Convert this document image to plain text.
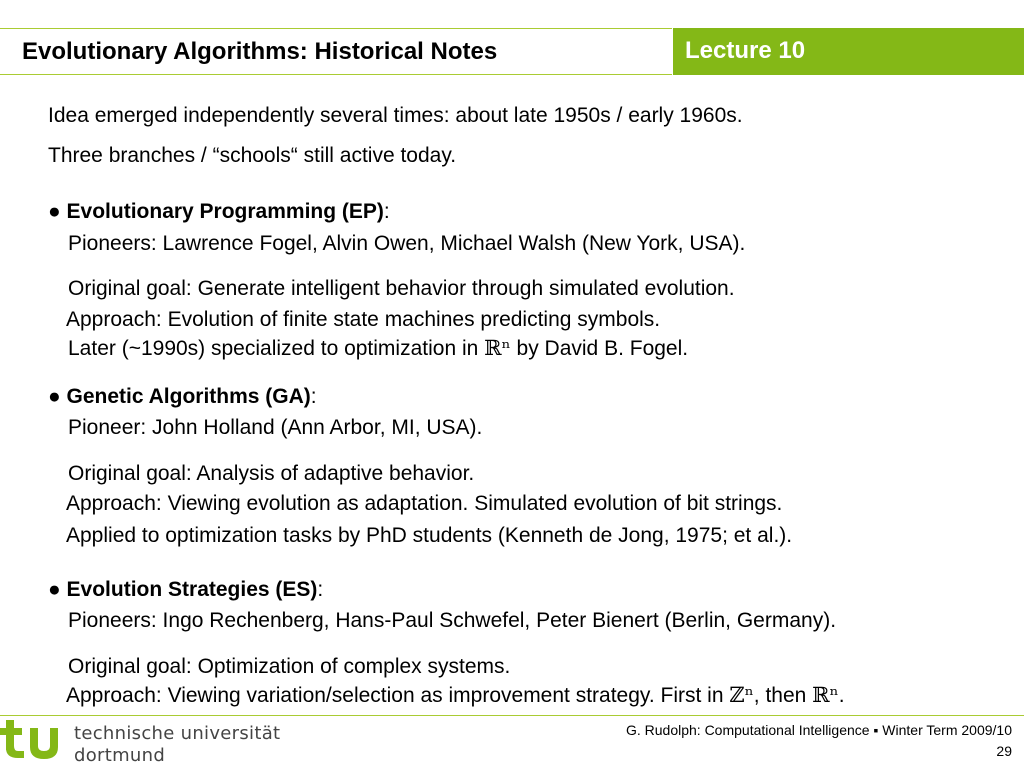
Evolutionary Algorithms: Historical Notes	Lecture 10
Idea emerged independently several times: about late 1950s / early 1960s.
Three branches / “schools“ still active today.
● Evolutionary Programming (EP):
Pioneers: Lawrence Fogel, Alvin Owen, Michael Walsh (New York, USA).
Original goal: Generate intelligent behavior through simulated evolution.
Approach: Evolution of finite state machines predicting symbols.
Later (~1990s) specialized to optimization in ℝⁿ by David B. Fogel.
● Genetic Algorithms (GA):
Pioneer: John Holland (Ann Arbor, MI, USA).
Original goal: Analysis of adaptive behavior.
Approach: Viewing evolution as adaptation. Simulated evolution of bit strings.
Applied to optimization tasks by PhD students (Kenneth de Jong, 1975; et al.).
● Evolution Strategies (ES):
Pioneers: Ingo Rechenberg, Hans-Paul Schwefel, Peter Bienert (Berlin, Germany).
Original goal: Optimization of complex systems.
Approach: Viewing variation/selection as improvement strategy. First in ℤⁿ, then ℝⁿ.
technische universität
dortmund
G. Rudolph: Computational Intelligence ▪ Winter Term 2009/10
29
